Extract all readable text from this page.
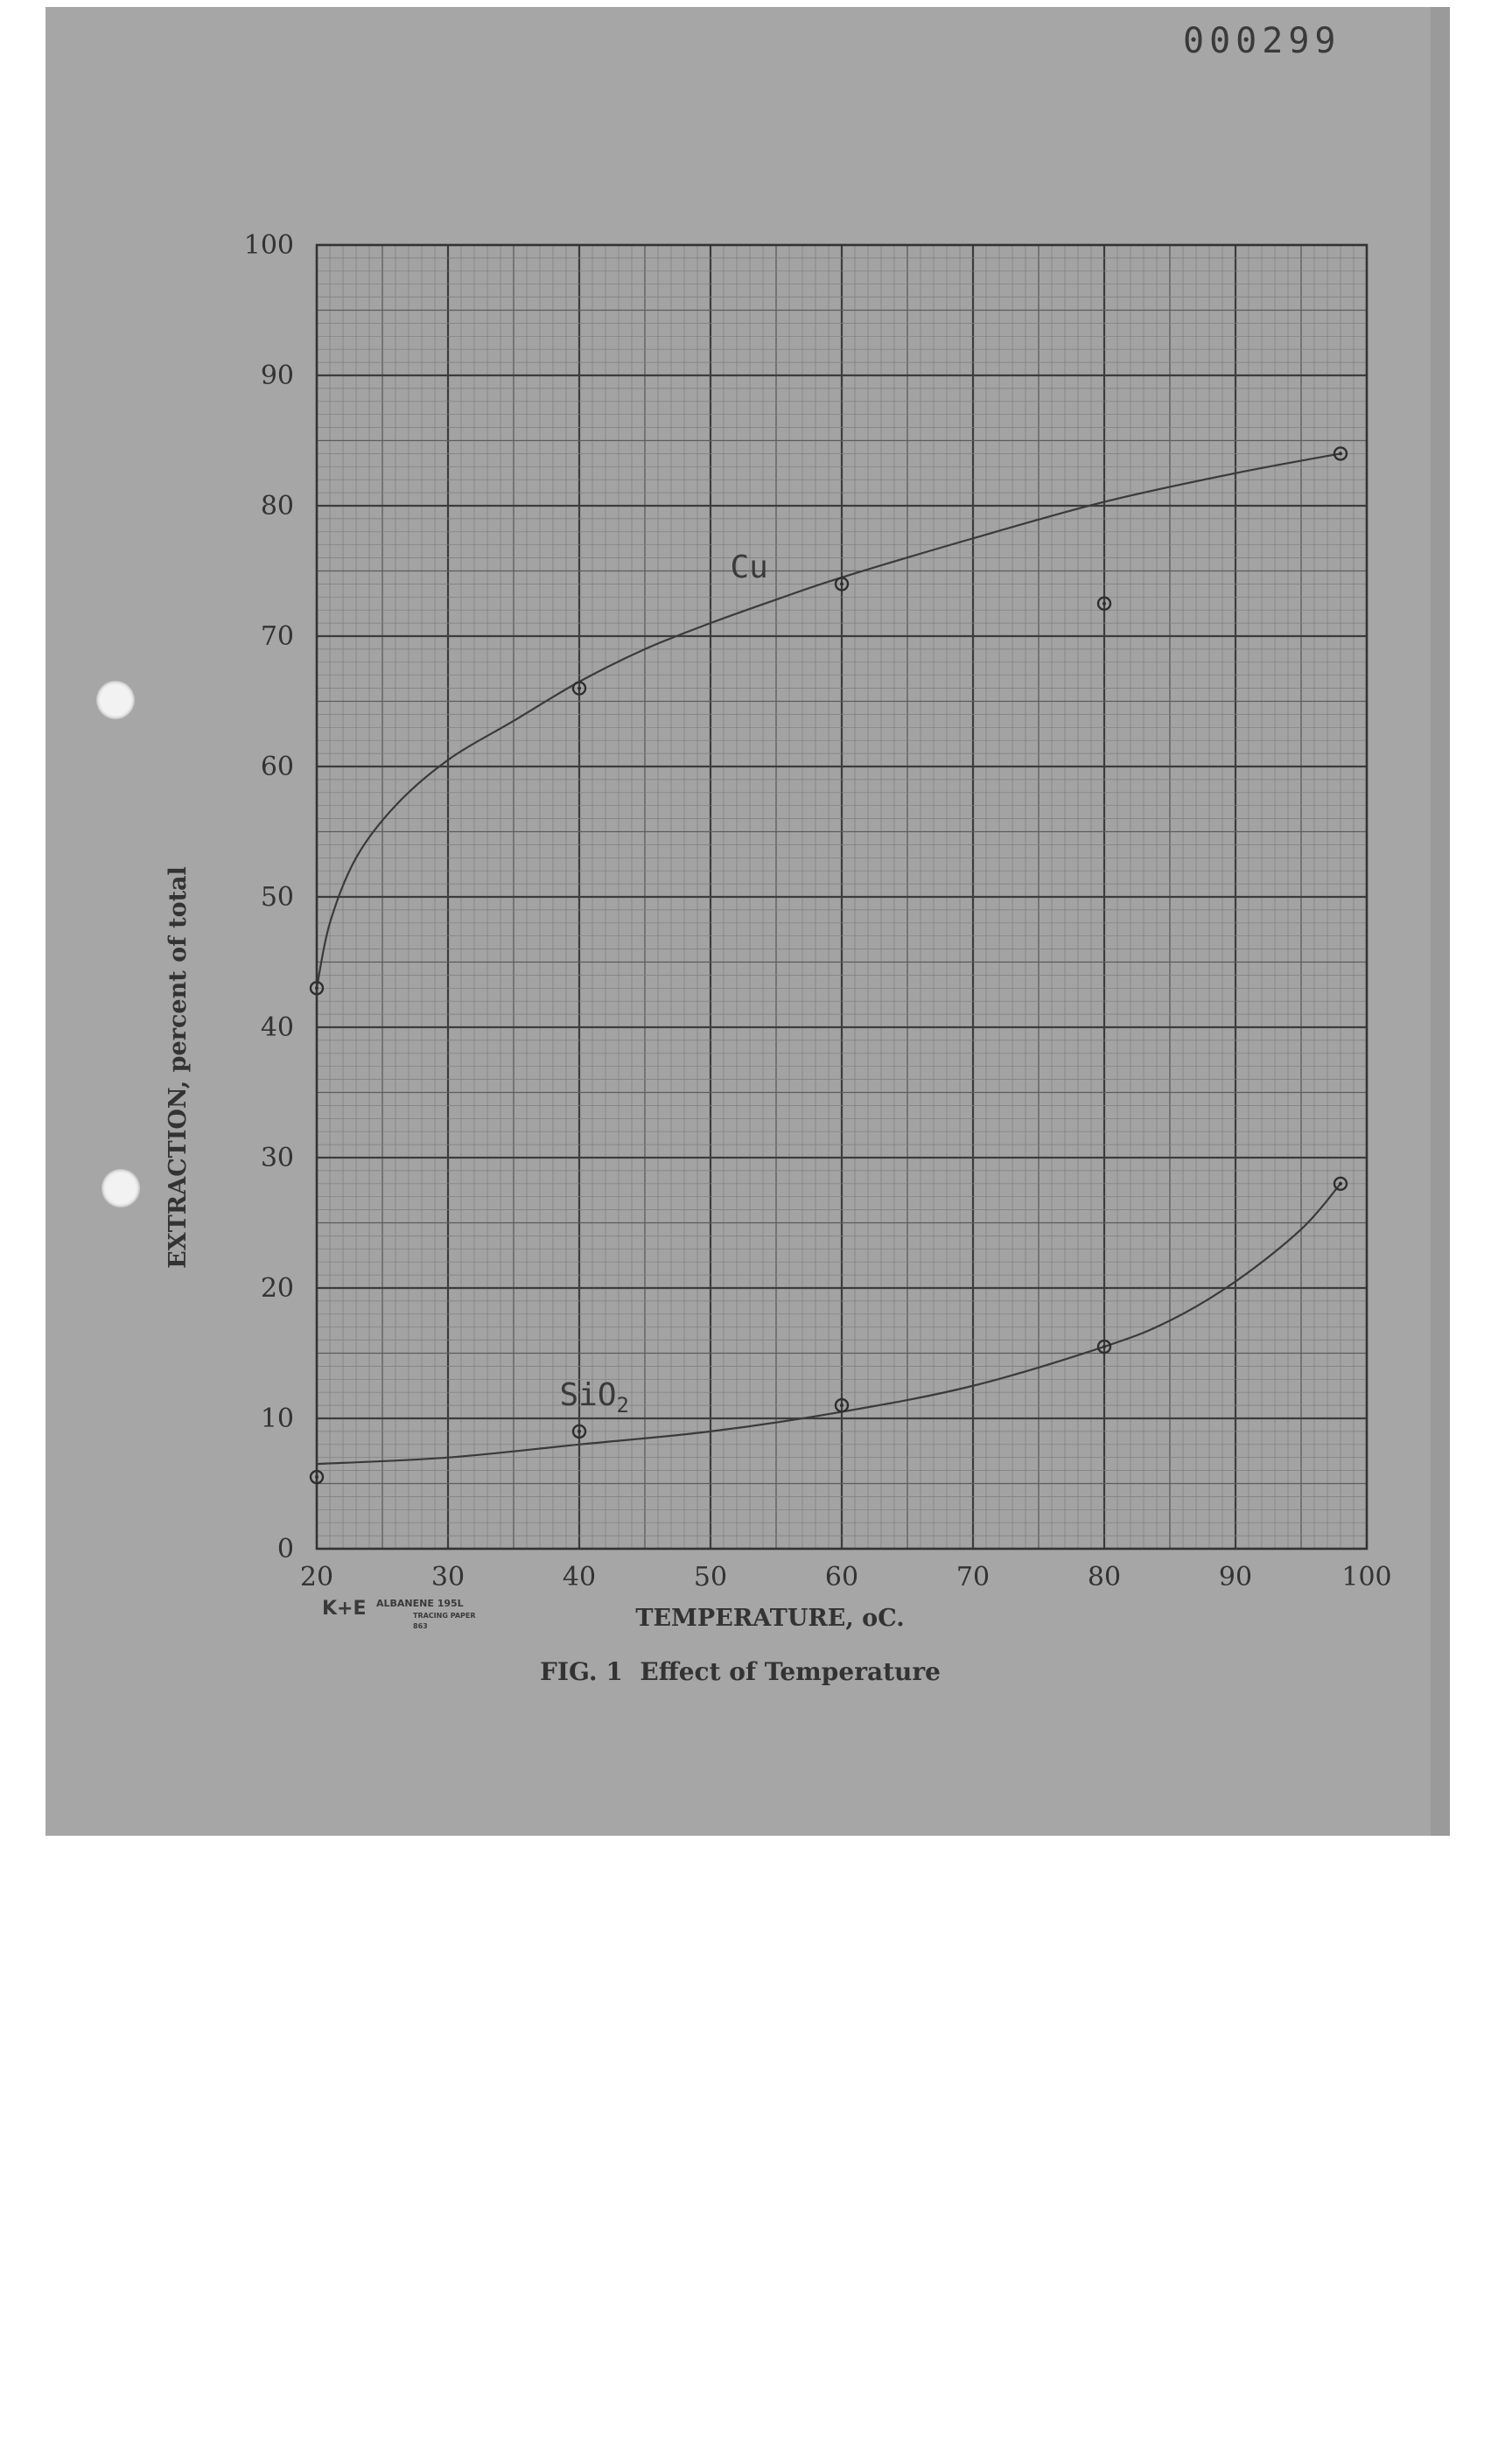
000299
20	30	40	50	60	70	80	90	100
0
10
20
30
40
50
60
70
80
90
100
Cu
SiO$_2$
EXTRACTION, percent of total
TEMPERATURE, oC.
FIG. 1  Effect of Temperature
K+E ALBANENE 195L
TRACING PAPER
863
